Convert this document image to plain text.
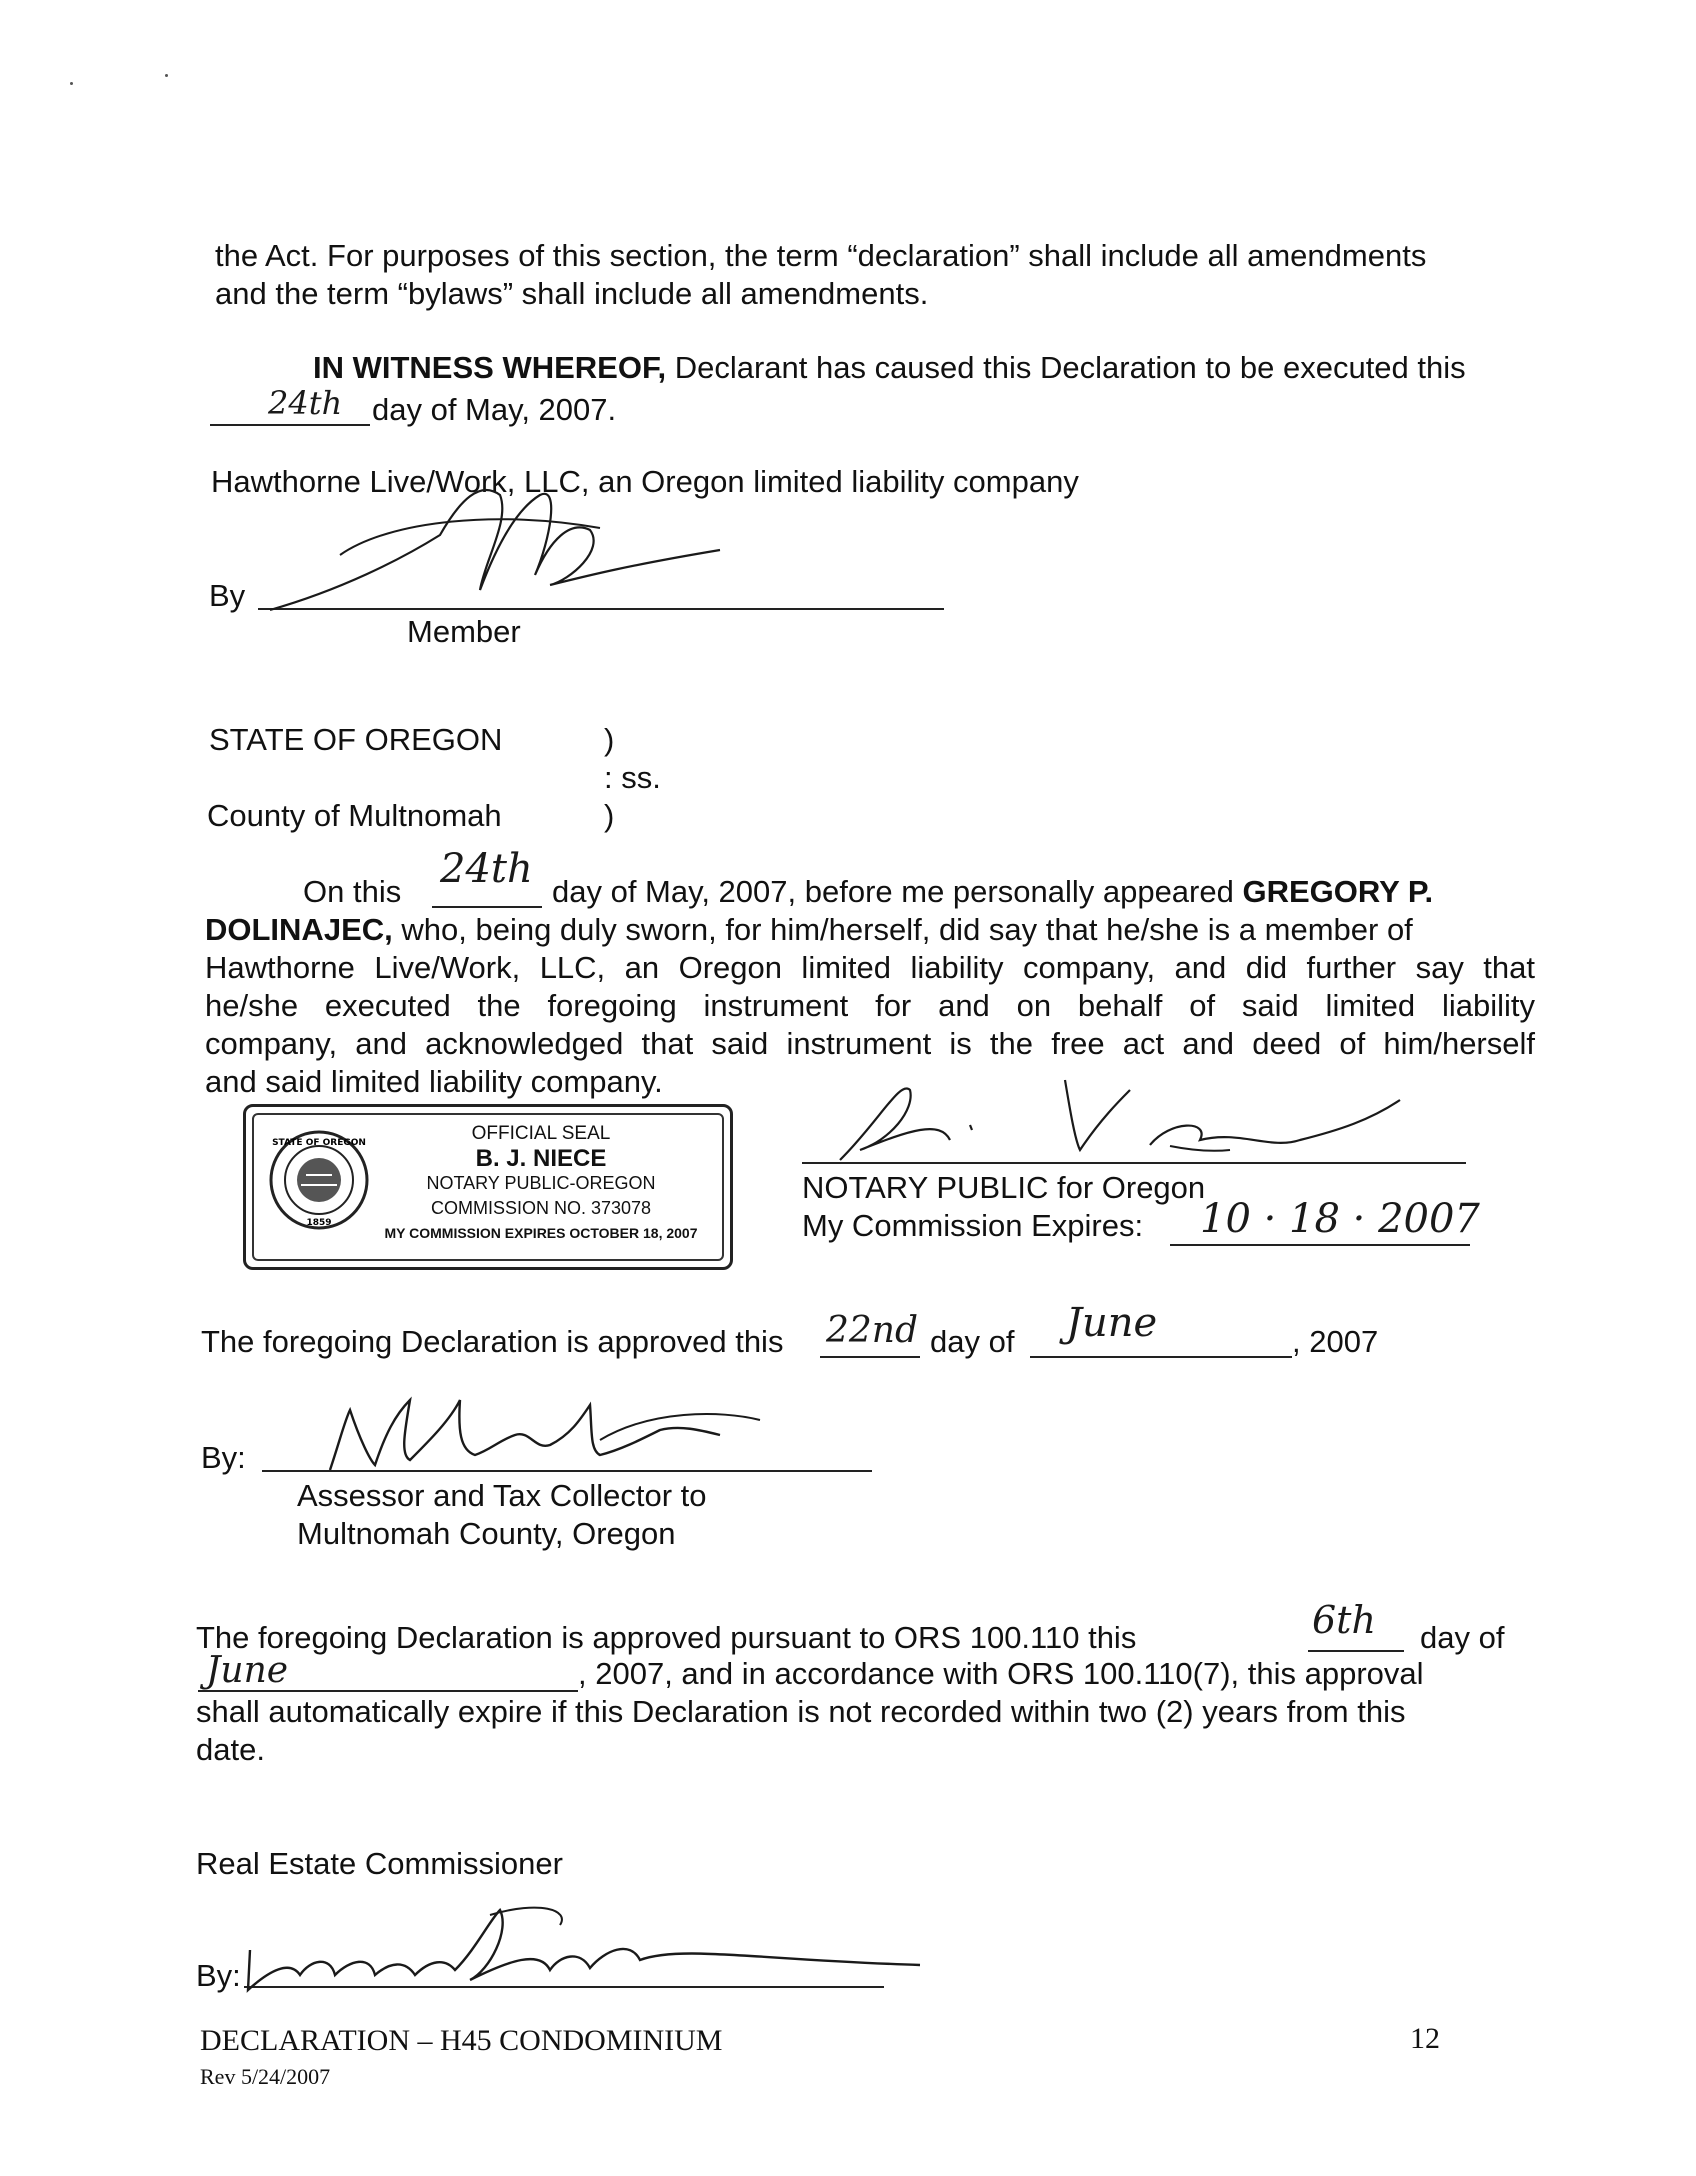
the Act. For purposes of this section, the term “declaration” shall include all amendments
and the term “bylaws” shall include all amendments.
IN WITNESS WHEREOF, Declarant has caused this Declaration to be executed this
24th day of May, 2007.
Hawthorne Live/Work, LLC, an Oregon limited liability company
By
Member
STATE OF OREGON	)
: ss.
County of Multnomah	)
On this 24th day of May, 2007, before me personally appeared GREGORY P.
DOLINAJEC, who, being duly sworn, for him/herself, did say that he/she is a member of
Hawthorne Live/Work, LLC, an Oregon limited liability company, and did further say that
he/she executed the foregoing instrument for and on behalf of said limited liability
company, and acknowledged that said instrument is the free act and deed of him/herself
and said limited liability company.
STATE OF OREGON
1859
OFFICIAL SEAL
B. J. NIECE
NOTARY PUBLIC-OREGON
COMMISSION NO. 373078
MY COMMISSION EXPIRES OCTOBER 18, 2007
NOTARY PUBLIC for Oregon
My Commission Expires: 10 · 18 · 2007
The foregoing Declaration is approved this 22nd day of June	, 2007
By:
Assessor and Tax Collector to
Multnomah County, Oregon
The foregoing Declaration is approved pursuant to ORS 100.110 this	6th day of
June	, 2007, and in accordance with ORS 100.110(7), this approval
shall automatically expire if this Declaration is not recorded within two (2) years from this
date.
Real Estate Commissioner
By:
DECLARATION – H45 CONDOMINIUM
Rev 5/24/2007
12
